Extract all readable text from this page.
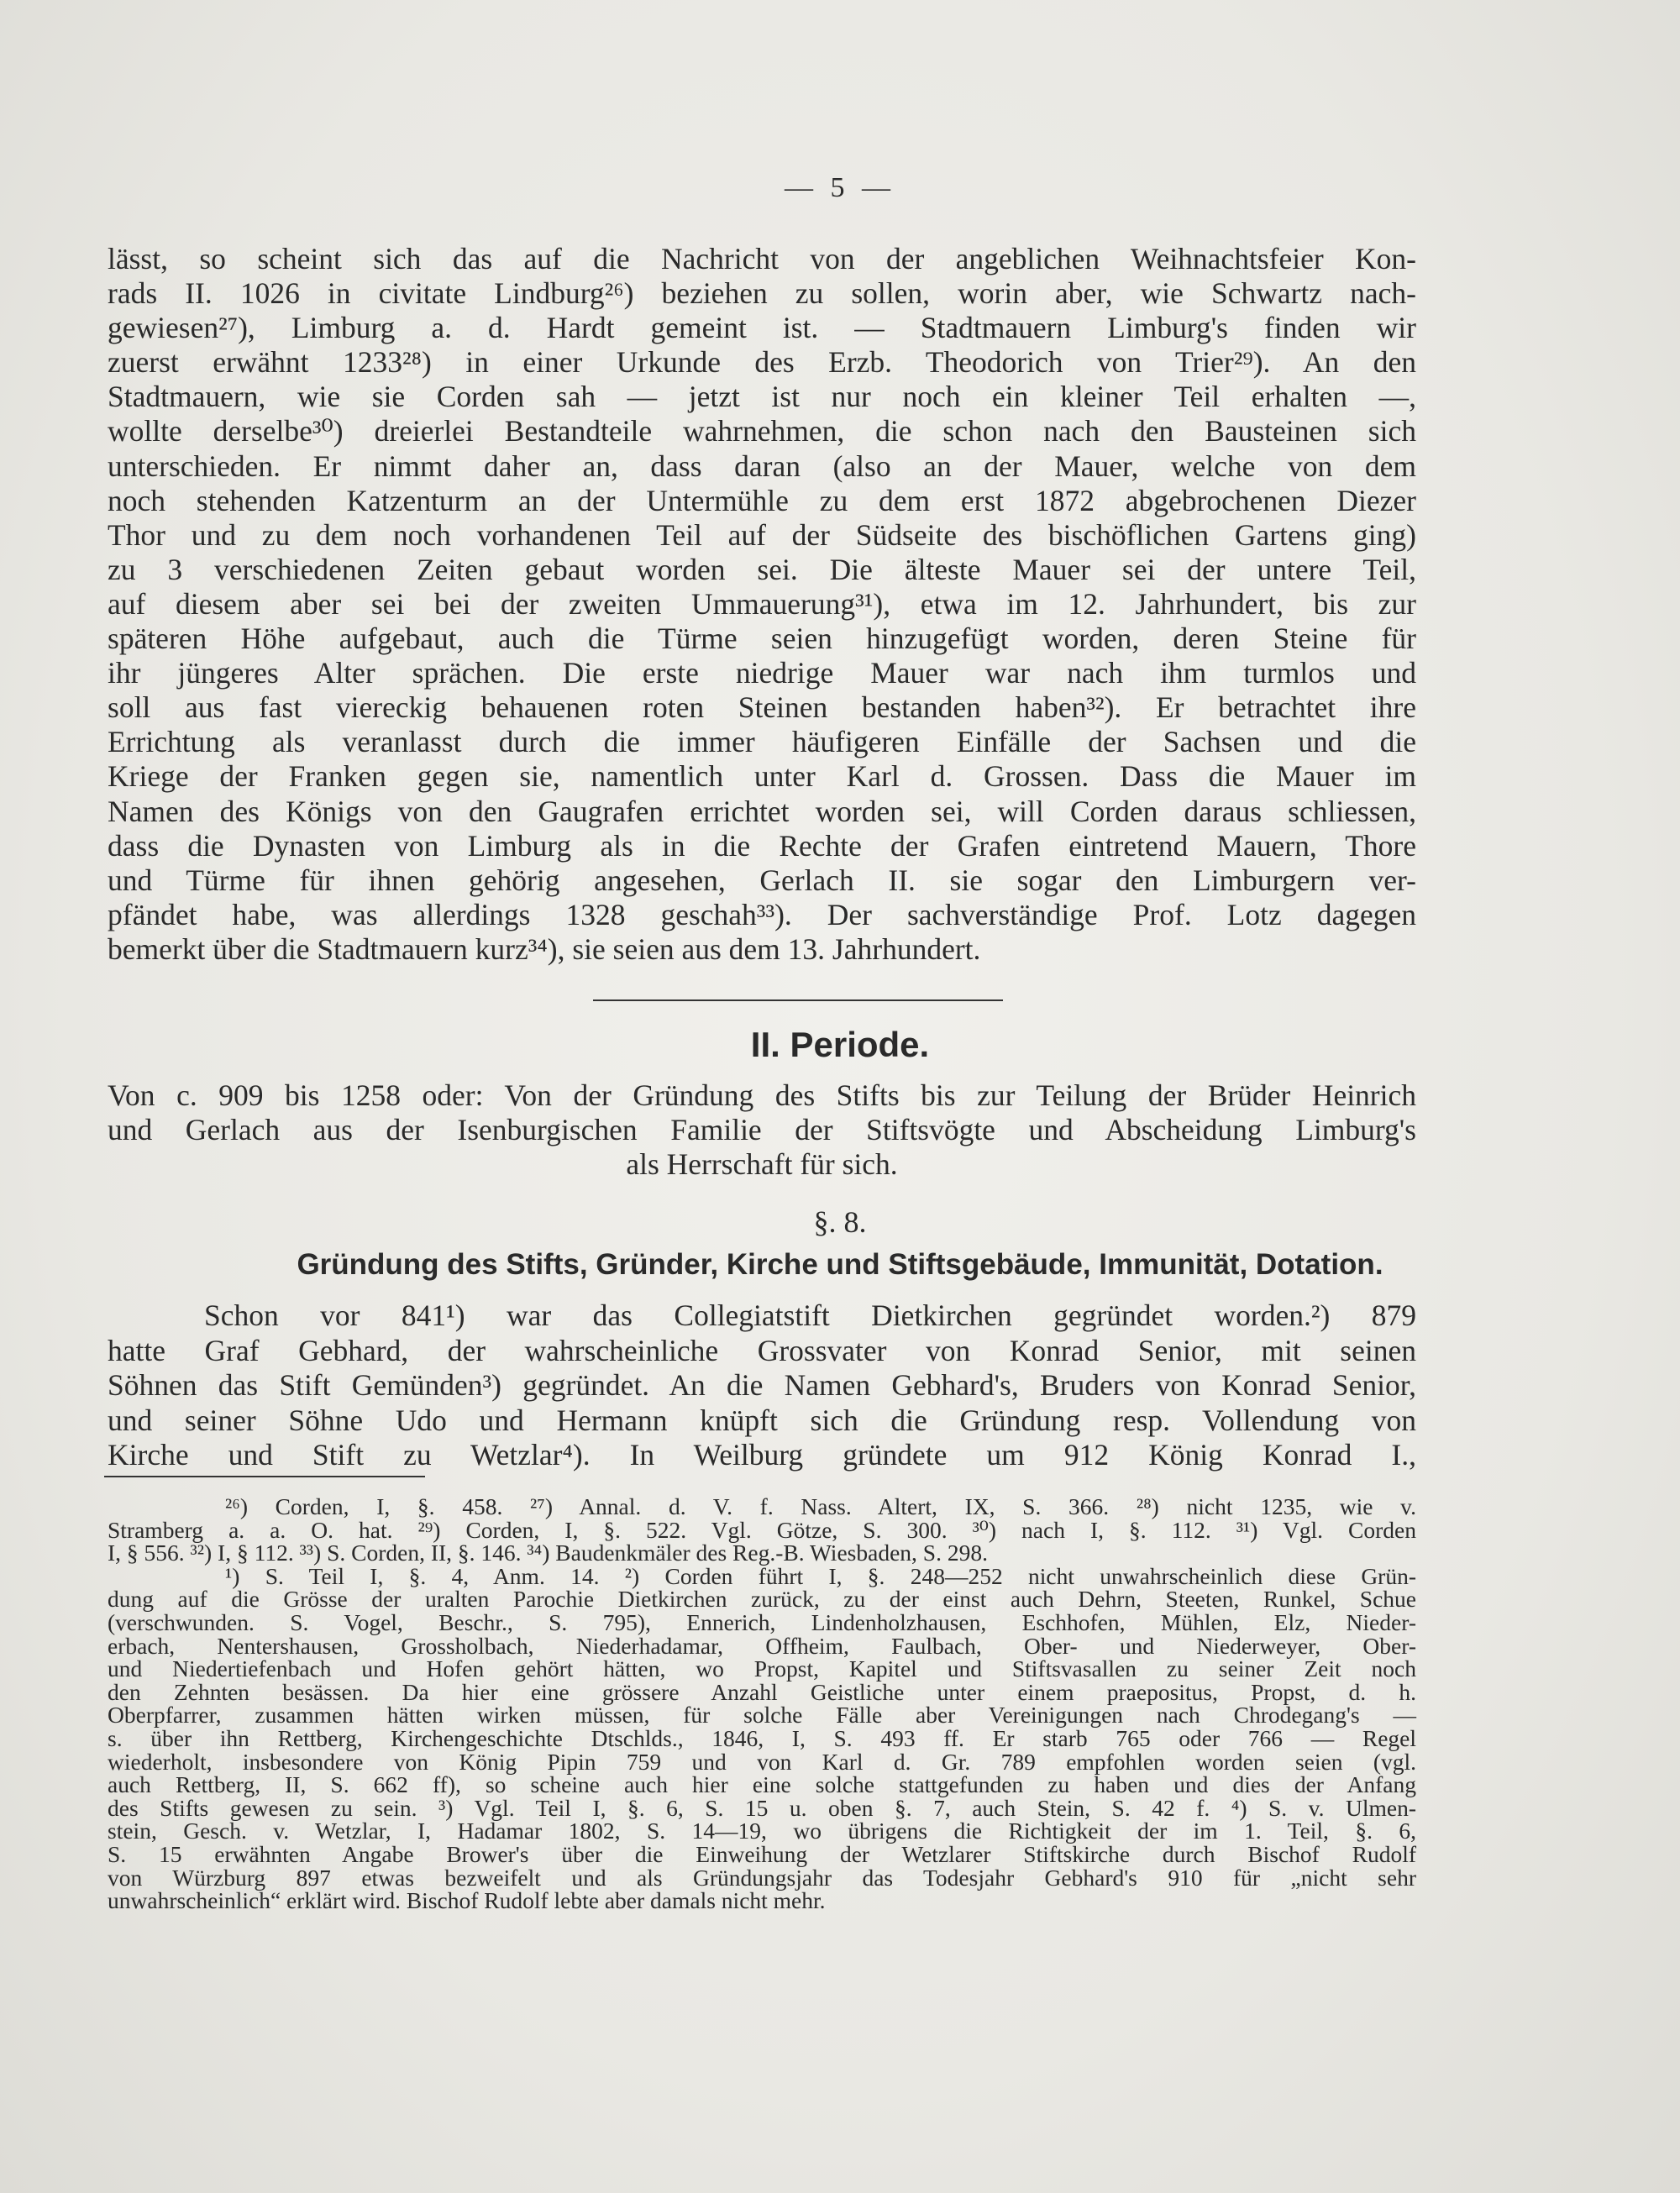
— 5 —

lässt, so scheint sich das auf die Nachricht von der angeblichen Weihnachtsfeier Kon-

rads II. 1026 in civitate Lindburg²⁶) beziehen zu sollen, worin aber, wie Schwartz nach-

gewiesen²⁷), Limburg a. d. Hardt gemeint ist. — Stadtmauern Limburg's finden wir

zuerst erwähnt 1233²⁸) in einer Urkunde des Erzb. Theodorich von Trier²⁹). An den

Stadtmauern, wie sie Corden sah — jetzt ist nur noch ein kleiner Teil erhalten —,

wollte derselbe³⁰) dreierlei Bestandteile wahrnehmen, die schon nach den Bausteinen sich

unterschieden. Er nimmt daher an, dass daran (also an der Mauer, welche von dem

noch stehenden Katzenturm an der Untermühle zu dem erst 1872 abgebrochenen Diezer

Thor und zu dem noch vorhandenen Teil auf der Südseite des bischöflichen Gartens ging)

zu 3 verschiedenen Zeiten gebaut worden sei. Die älteste Mauer sei der untere Teil,

auf diesem aber sei bei der zweiten Ummauerung³¹), etwa im 12. Jahrhundert, bis zur

späteren Höhe aufgebaut, auch die Türme seien hinzugefügt worden, deren Steine für

ihr jüngeres Alter sprächen. Die erste niedrige Mauer war nach ihm turmlos und

soll aus fast viereckig behauenen roten Steinen bestanden haben³²). Er betrachtet ihre

Errichtung als veranlasst durch die immer häufigeren Einfälle der Sachsen und die

Kriege der Franken gegen sie, namentlich unter Karl d. Grossen. Dass die Mauer im

Namen des Königs von den Gaugrafen errichtet worden sei, will Corden daraus schliessen,

dass die Dynasten von Limburg als in die Rechte der Grafen eintretend Mauern, Thore

und Türme für ihnen gehörig angesehen, Gerlach II. sie sogar den Limburgern ver-

pfändet habe, was allerdings 1328 geschah³³). Der sachverständige Prof. Lotz dagegen

bemerkt über die Stadtmauern kurz³⁴), sie seien aus dem 13. Jahrhundert.

II. Periode.
Von c. 909 bis 1258 oder: Von der Gründung des Stifts bis zur Teilung der Brüder Heinrich
und Gerlach aus der Isenburgischen Familie der Stiftsvögte und Abscheidung Limburg's
als Herrschaft für sich.
§. 8.
Gründung des Stifts, Gründer, Kirche und Stiftsgebäude, Immunität, Dotation.

Schon vor 841¹) war das Collegiatstift Dietkirchen gegründet worden.²) 879

hatte Graf Gebhard, der wahrscheinliche Grossvater von Konrad Senior, mit seinen

Söhnen das Stift Gemünden³) gegründet. An die Namen Gebhard's, Bruders von Konrad Senior,

und seiner Söhne Udo und Hermann knüpft sich die Gründung resp. Vollendung von

Kirche und Stift zu Wetzlar⁴). In Weilburg gründete um 912 König Konrad I.,

²⁶) Corden, I, §. 458. ²⁷) Annal. d. V. f. Nass. Altert, IX, S. 366. ²⁸) nicht 1235, wie v.

Stramberg a. a. O. hat. ²⁹) Corden, I, §. 522. Vgl. Götze, S. 300. ³⁰) nach I, §. 112. ³¹) Vgl. Corden

I, § 556. ³²) I, § 112. ³³) S. Corden, II, §. 146. ³⁴) Baudenkmäler des Reg.-B. Wiesbaden, S. 298.

¹) S. Teil I, §. 4, Anm. 14. ²) Corden führt I, §. 248—252 nicht unwahrscheinlich diese Grün-

dung auf die Grösse der uralten Parochie Dietkirchen zurück, zu der einst auch Dehrn, Steeten, Runkel, Schue

(verschwunden. S. Vogel, Beschr., S. 795), Ennerich, Lindenholzhausen, Eschhofen, Mühlen, Elz, Nieder-

erbach, Nentershausen, Grossholbach, Niederhadamar, Offheim, Faulbach, Ober- und Niederweyer, Ober-

und Niedertiefenbach und Hofen gehört hätten, wo Propst, Kapitel und Stiftsvasallen zu seiner Zeit noch

den Zehnten besässen. Da hier eine grössere Anzahl Geistliche unter einem praepositus, Propst, d. h.

Oberpfarrer, zusammen hätten wirken müssen, für solche Fälle aber Vereinigungen nach Chrodegang's —

s. über ihn Rettberg, Kirchengeschichte Dtschlds., 1846, I, S. 493 ff. Er starb 765 oder 766 — Regel

wiederholt, insbesondere von König Pipin 759 und von Karl d. Gr. 789 empfohlen worden seien (vgl.

auch Rettberg, II, S. 662 ff), so scheine auch hier eine solche stattgefunden zu haben und dies der Anfang

des Stifts gewesen zu sein. ³) Vgl. Teil I, §. 6, S. 15 u. oben §. 7, auch Stein, S. 42 f. ⁴) S. v. Ulmen-

stein, Gesch. v. Wetzlar, I, Hadamar 1802, S. 14—19, wo übrigens die Richtigkeit der im 1. Teil, §. 6,

S. 15 erwähnten Angabe Brower's über die Einweihung der Wetzlarer Stiftskirche durch Bischof Rudolf

von Würzburg 897 etwas bezweifelt und als Gründungsjahr das Todesjahr Gebhard's 910 für „nicht sehr

unwahrscheinlich“ erklärt wird. Bischof Rudolf lebte aber damals nicht mehr.
